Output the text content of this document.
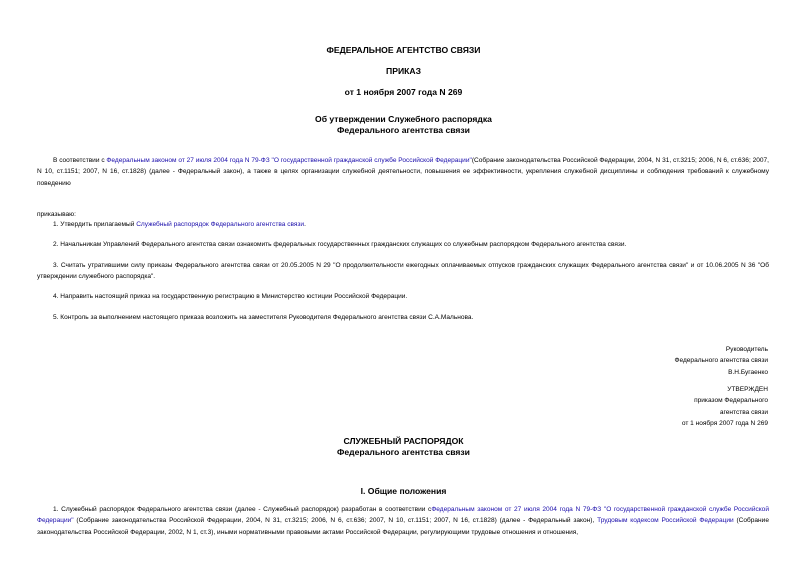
ФЕДЕРАЛЬНОЕ АГЕНТСТВО СВЯЗИ
ПРИКАЗ
от 1 ноября 2007 года N 269
Об утверждении Служебного распорядка
Федерального агентства связи
В соответствии с Федеральным законом от 27 июля 2004 года N 79-ФЗ "О государственной гражданской службе Российской Федерации"(Собрание законодательства Российской Федерации, 2004, N 31, ст.3215; 2006, N 6, ст.636; 2007, N 10, ст.1151; 2007, N 16, ст.1828) (далее - Федеральный закон), а также в целях организации служебной деятельности, повышения ее эффективности, укрепления служебной дисциплины и соблюдения требований к служебному поведению
приказываю:
1. Утвердить прилагаемый Служебный распорядок Федерального агентства связи.
2. Начальникам Управлений Федерального агентства связи ознакомить федеральных государственных гражданских служащих со служебным распорядком Федерального агентства связи.
3. Считать утратившими силу приказы Федерального агентства связи от 20.05.2005 N 29 "О продолжительности ежегодных оплачиваемых отпусков гражданских служащих Федерального агентства связи" и от 10.06.2005 N 36 "Об утверждении служебного распорядка".
4. Направить настоящий приказ на государственную регистрацию в Министерство юстиции Российской Федерации.
5. Контроль за выполнением настоящего приказа возложить на заместителя Руководителя Федерального агентства связи С.А.Мальнова.
Руководитель
Федерального агентства связи
В.Н.Бугаенко
УТВЕРЖДЕН
приказом Федерального
агентства связи
от 1 ноября 2007 года N 269
СЛУЖЕБНЫЙ РАСПОРЯДОК
Федерального агентства связи
I. Общие положения
1. Служебный распорядок Федерального агентства связи (далее - Служебный распорядок) разработан в соответствии сФедеральным законом от 27 июля 2004 года N 79-ФЗ "О государственной гражданской службе Российской Федерации" (Собрание законодательства Российской Федерации, 2004, N 31, ст.3215; 2006, N 6, ст.636; 2007, N 10, ст.1151; 2007, N 16, ст.1828) (далее - Федеральный закон), Трудовым кодексом Российской Федерации (Собрание законодательства Российской Федерации, 2002, N 1, ст.3), иными нормативными правовыми актами Российской Федерации, регулирующими трудовые отношения и отношения,
